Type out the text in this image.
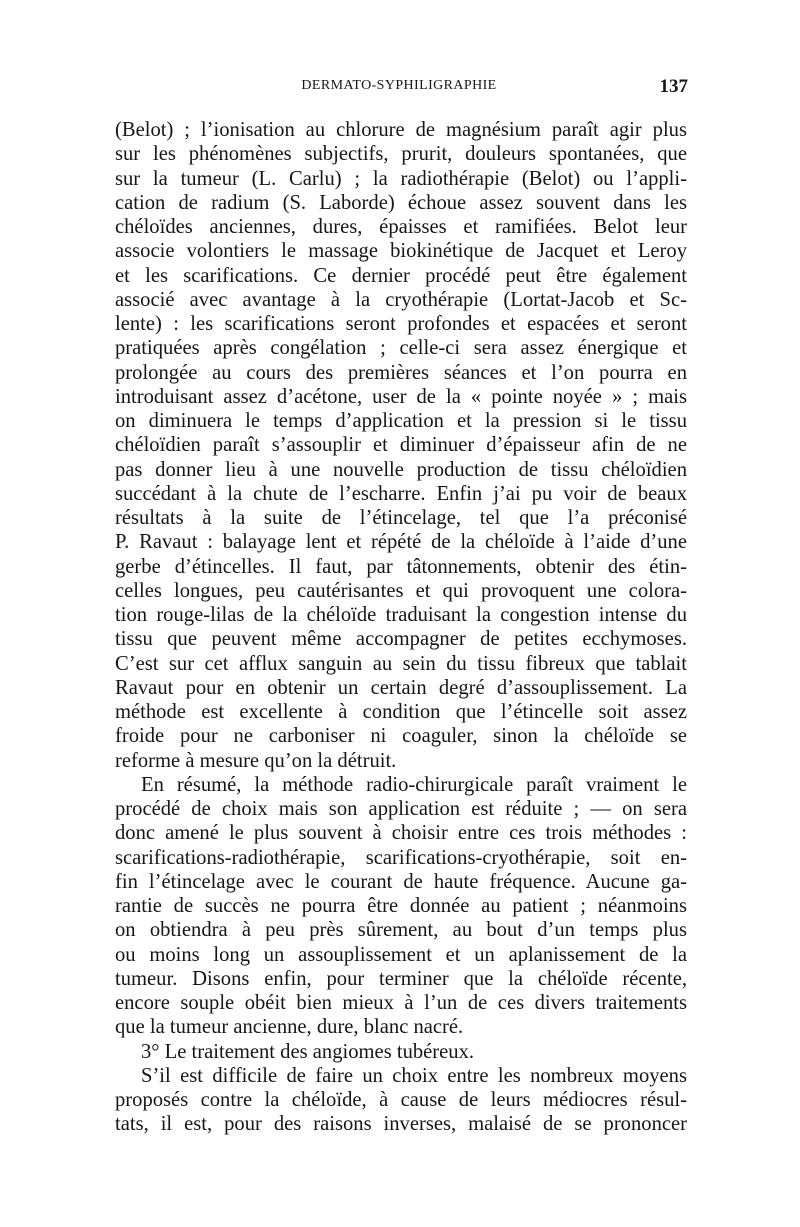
DERMATO-SYPHILIGRAPHIE	137
(Belot) ; l’ionisation au chlorure de magnésium paraît agir plus
sur les phénomènes subjectifs, prurit, douleurs spontanées, que
sur la tumeur (L. Carlu) ; la radiothérapie (Belot) ou l’appli-
cation de radium (S. Laborde) échoue assez souvent dans les
chéloïdes anciennes, dures, épaisses et ramifiées. Belot leur
associe volontiers le massage biokinétique de Jacquet et Leroy
et les scarifications. Ce dernier procédé peut être également
associé avec avantage à la cryothérapie (Lortat-Jacob et Sc-
lente) : les scarifications seront profondes et espacées et seront
pratiquées après congélation ; celle-ci sera assez énergique et
prolongée au cours des premières séances et l’on pourra en
introduisant assez d’acétone, user de la « pointe noyée » ; mais
on diminuera le temps d’application et la pression si le tissu
chéloïdien paraît s’assouplir et diminuer d’épaisseur afin de ne
pas donner lieu à une nouvelle production de tissu chéloïdien
succédant à la chute de l’escharre. Enfin j’ai pu voir de beaux
résultats à la suite de l’étincelage, tel que l’a préconisé
P. Ravaut : balayage lent et répété de la chéloïde à l’aide d’une
gerbe d’étincelles. Il faut, par tâtonnements, obtenir des étin-
celles longues, peu cautérisantes et qui provoquent une colora-
tion rouge-lilas de la chéloïde traduisant la congestion intense du
tissu que peuvent même accompagner de petites ecchymoses.
C’est sur cet afflux sanguin au sein du tissu fibreux que tablait
Ravaut pour en obtenir un certain degré d’assouplissement. La
méthode est excellente à condition que l’étincelle soit assez
froide pour ne carboniser ni coaguler, sinon la chéloïde se
reforme à mesure qu’on la détruit.
En résumé, la méthode radio-chirurgicale paraît vraiment le
procédé de choix mais son application est réduite ; — on sera
donc amené le plus souvent à choisir entre ces trois méthodes :
scarifications-radiothérapie, scarifications-cryothérapie, soit en-
fin l’étincelage avec le courant de haute fréquence. Aucune ga-
rantie de succès ne pourra être donnée au patient ; néanmoins
on obtiendra à peu près sûrement, au bout d’un temps plus
ou moins long un assouplissement et un aplanissement de la
tumeur. Disons enfin, pour terminer que la chéloïde récente,
encore souple obéit bien mieux à l’un de ces divers traitements
que la tumeur ancienne, dure, blanc nacré.
3° Le traitement des angiomes tubéreux.
S’il est difficile de faire un choix entre les nombreux moyens
proposés contre la chéloïde, à cause de leurs médiocres résul-
tats, il est, pour des raisons inverses, malaisé de se prononcer
